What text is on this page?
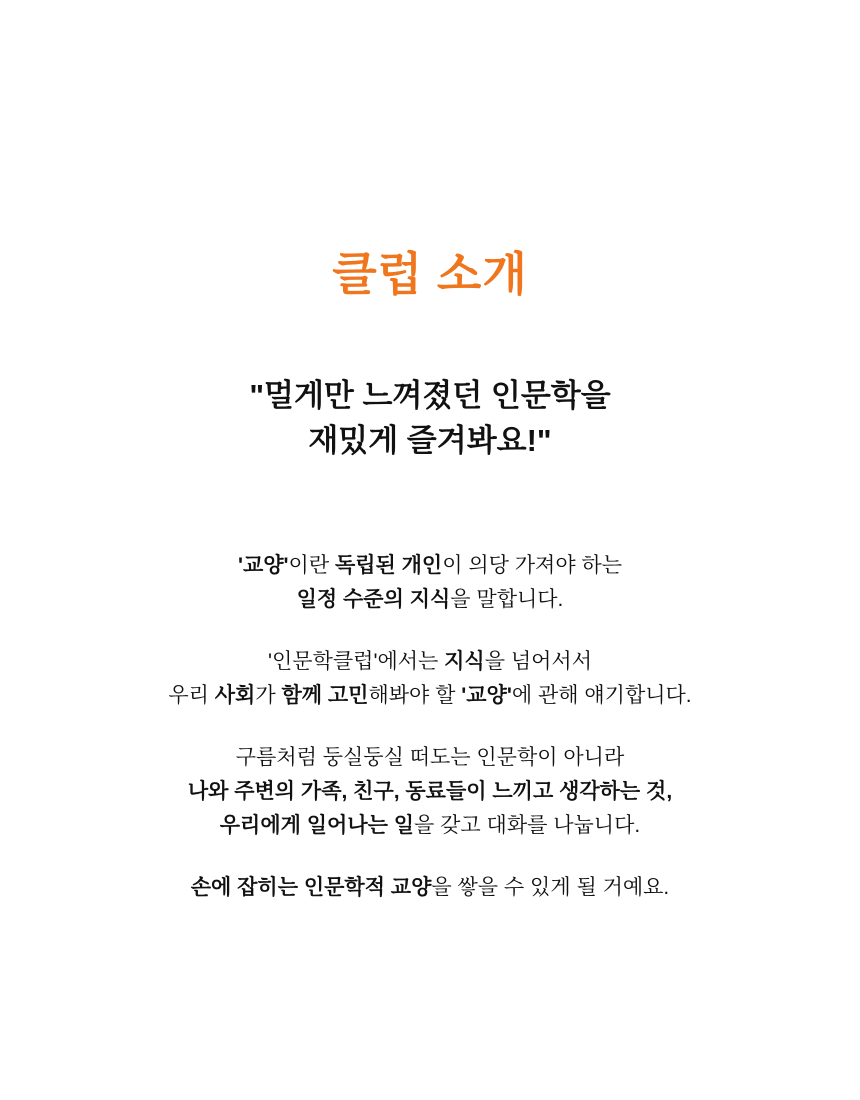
클럽 소개
"멀게만 느껴졌던 인문학을
재밌게 즐겨봐요!"

'교양'이란 독립된 개인이 의당 가져야 하는
일정 수준의 지식을 말합니다.

'인문학클럽'에서는 지식을 넘어서서
우리 사회가 함께 고민해봐야 할 '교양'에 관해 얘기합니다.

구름처럼 둥실둥실 떠도는 인문학이 아니라
나와 주변의 가족, 친구, 동료들이 느끼고 생각하는 것,
우리에게 일어나는 일을 갖고 대화를 나눕니다.

손에 잡히는 인문학적 교양을 쌓을 수 있게 될 거예요.
